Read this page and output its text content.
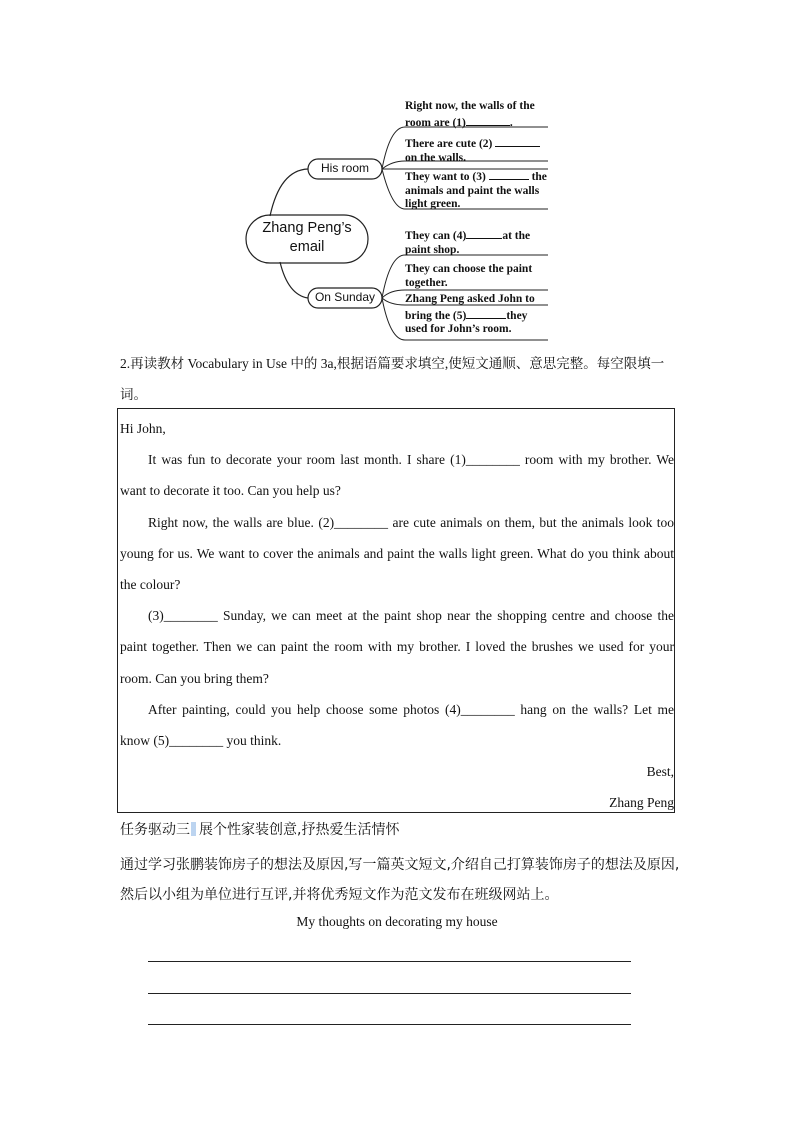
Zhang Peng’s
email
His room
On Sunday
Right now, the walls of the room are (1)	.
There are cute (2)  on the walls.
They want to (3)	the animals and paint the walls light green.
They can (4)	at the paint shop.
They can choose the paint together.
Zhang Peng asked John to bring the (5)	they used for John’s room.
2.再读教材 Vocabulary in Use 中的 3a,根据语篇要求填空,使短文通顺、意思完整。每空限填一词。

Hi John,

It was fun to decorate your room last month. I share (1)________ room with my brother. We want to decorate it too. Can you help us?

Right now, the walls are blue. (2)________ are cute animals on them, but the animals look too young for us. We want to cover the animals and paint the walls light green. What do you think about the colour?

(3)________ Sunday, we can meet at the paint shop near the shopping centre and choose the paint together. Then we can paint the room with my brother. I loved the brushes we used for your room. Can you bring them?

After painting, could you help choose some photos (4)________ hang on the walls? Let me know (5)________ you think.

Best,

Zhang Peng

任务驱动三 展个性家装创意,抒热爱生活情怀
通过学习张鹏装饰房子的想法及原因,写一篇英文短文,介绍自己打算装饰房子的想法及原因,然后以小组为单位进行互评,并将优秀短文作为范文发布在班级网站上。
My thoughts on decorating my house
